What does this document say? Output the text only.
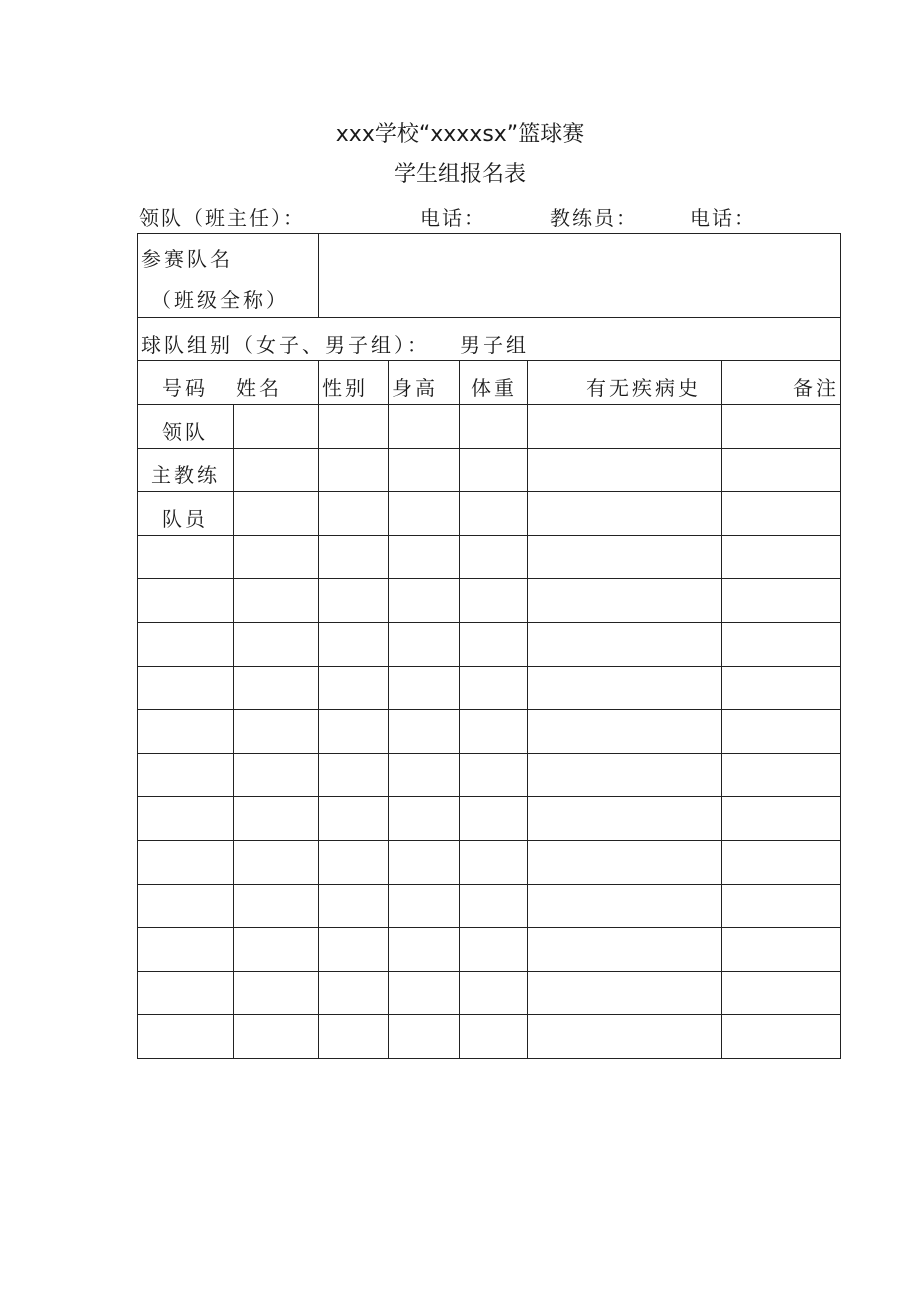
xxx学校“xxxxsx”篮球赛
学生组报名表
领队（班主任）：	电话：	教练员：	电话：
参赛队名
（班级全称）
球队组别（女子、男子组）： 男子组
号码 姓名 性别 身高 体重	有无疾病史	备注
领队
主教练
队员
